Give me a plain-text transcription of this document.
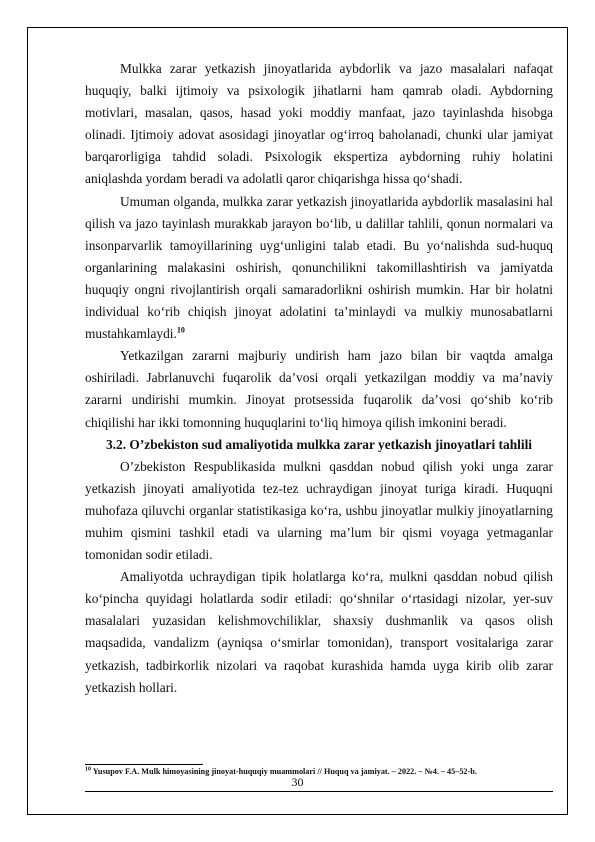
Mulkka zarar yetkazish jinoyatlarida aybdorlik va jazo masalalari nafaqat huquqiy, balki ijtimoiy va psixologik jihatlarni ham qamrab oladi. Aybdorning motivlari, masalan, qasos, hasad yoki moddiy manfaat, jazo tayinlashda hisobga olinadi. Ijtimoiy adovat asosidagi jinoyatlar og‘irroq baholanadi, chunki ular jamiyat barqarorligiga tahdid soladi. Psixologik ekspertiza aybdorning ruhiy holatini aniqlashda yordam beradi va adolatli qaror chiqarishga hissa qo‘shadi.

Umuman olganda, mulkka zarar yetkazish jinoyatlarida aybdorlik masalasini hal qilish va jazo tayinlash murakkab jarayon bo‘lib, u dalillar tahlili, qonun normalari va insonparvarlik tamoyillarining uyg‘unligini talab etadi. Bu yo‘nalishda sud-huquq organlarining malakasini oshirish, qonunchilikni takomillashtirish va jamiyatda huquqiy ongni rivojlantirish orqali samaradorlikni oshirish mumkin. Har bir holatni individual ko‘rib chiqish jinoyat adolatini ta’minlaydi va mulkiy munosabatlarni mustahkamlaydi.$^{10}$

Yetkazilgan zararni majburiy undirish ham jazo bilan bir vaqtda amalga oshiriladi. Jabrlanuvchi fuqarolik da’vosi orqali yetkazilgan moddiy va ma’naviy zararni undirishi mumkin. Jinoyat protsessida fuqarolik da’vosi qo‘shib ko‘rib chiqilishi har ikki tomonning huquqlarini to‘liq himoya qilish imkonini beradi.

3.2. O’zbekiston sud amaliyotida mulkka zarar yetkazish jinoyatlari tahlili

O’zbekiston Respublikasida mulkni qasddan nobud qilish yoki unga zarar yetkazish jinoyati amaliyotida tez-tez uchraydigan jinoyat turiga kiradi. Huquqni muhofaza qiluvchi organlar statistikasiga ko‘ra, ushbu jinoyatlar mulkiy jinoyatlarning muhim qismini tashkil etadi va ularning ma’lum bir qismi voyaga yetmaganlar tomonidan sodir etiladi.

Amaliyotda uchraydigan tipik holatlarga ko‘ra, mulkni qasddan nobud qilish ko‘pincha quyidagi holatlarda sodir etiladi: qo‘shnilar o‘rtasidagi nizolar, yer-suv masalalari yuzasidan kelishmovchiliklar, shaxsiy dushmanlik va qasos olish maqsadida, vandalizm (ayniqsa o‘smirlar tomonidan), transport vositalariga zarar yetkazish, tadbirkorlik nizolari va raqobat kurashida hamda uyga kirib olib zarar yetkazish hollari.

$^{10}$ Yusupov F.A. Mulk himoyasining jinoyat-huquqiy muammolari // Huquq va jamiyat. – 2022. – №4. – 45–52-b.
30
